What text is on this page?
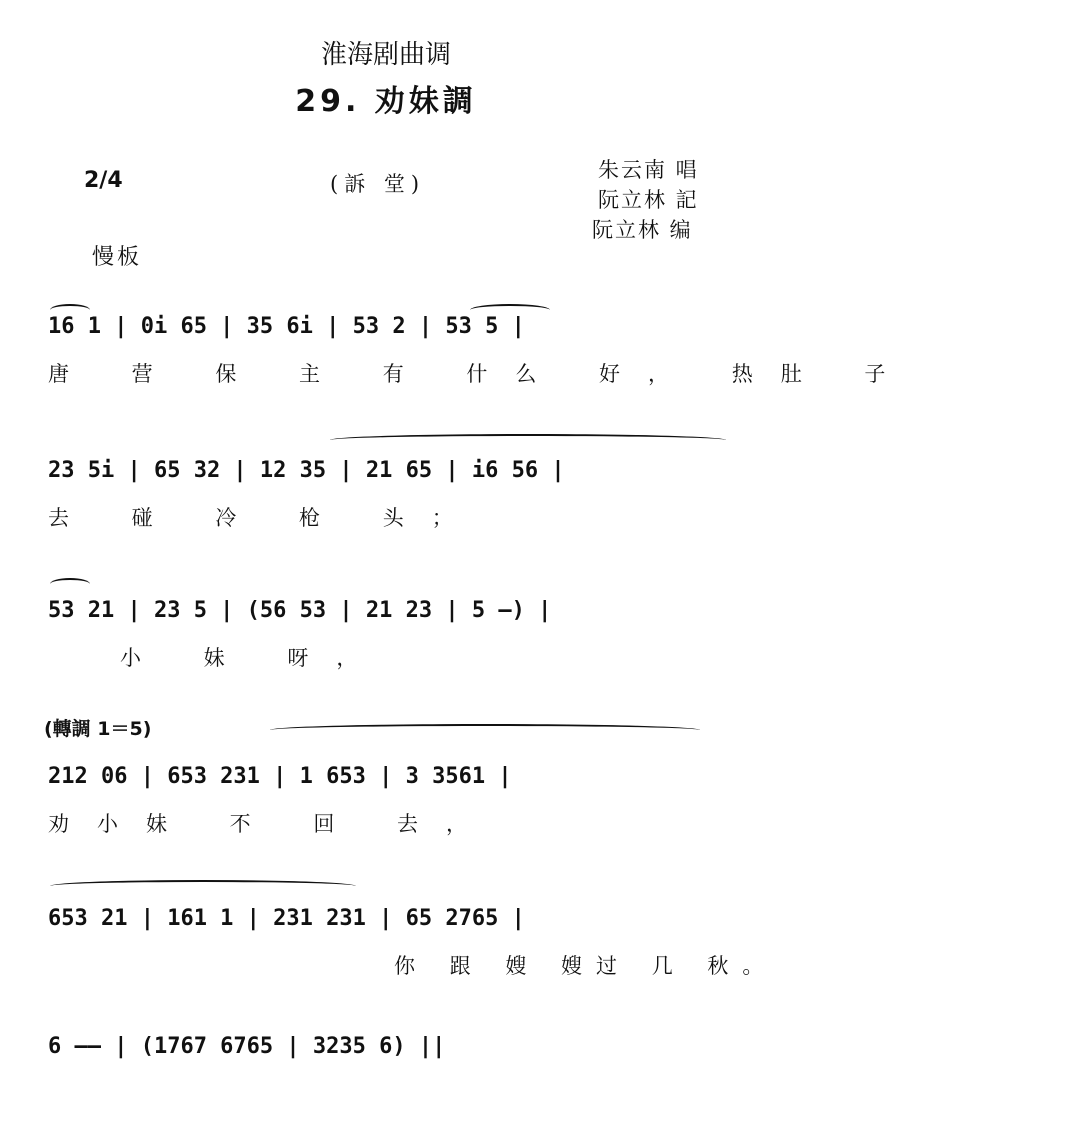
淮海剧曲调
29. 劝妹調
朱云南 唱
阮立林 記
阮立林 编
2/4	(訴 堂)
慢板
(轉調 1＝5)
16 1 | 0i 65 | 35 6i | 53 2 | 53 5 |
唐 营 保 主 有 什么 好， 热肚 子
23 5i | 65 32 | 12 35 | 21 65 | i6 56 |
去 碰 冷 枪 头；
53 21 | 23 5 | (56 53 | 21 23 | 5 —) |
小 妹 呀，
212 06 | 653 231 | 1 653 | 3 3561 |
劝小妹 不 回 去，
653 21 | 161 1 | 231 231 | 65 2765 |
你 跟 嫂 嫂过 几 秋。
6 —— | (1767 6765 | 3235 6) ||
